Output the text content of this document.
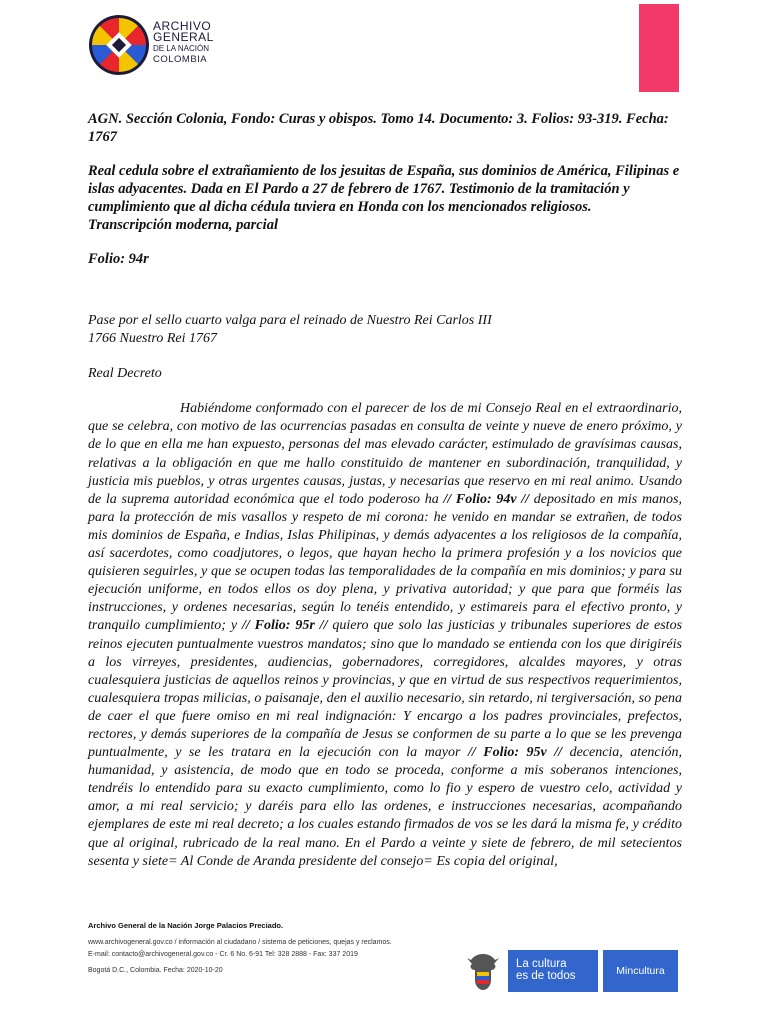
ARCHIVO
GENERAL
DE LA NACIÓN
COLOMBIA

AGN. Sección Colonia, Fondo: Curas y obispos. Tomo 14. Documento: 3. Folios: 93-319. Fecha: 1767

Real cedula sobre el extrañamiento de los jesuitas de España, sus dominios de América, Filipinas e islas adyacentes. Dada en El Pardo a 27 de febrero de 1767. Testimonio de la tramitación y cumplimiento que al dicha cédula tuviera en Honda con los mencionados religiosos.

Transcripción moderna, parcial

Folio: 94r

Pase por el sello cuarto valga para el reinado de Nuestro Rei Carlos III

1766 Nuestro Rei 1767

Real Decreto

Habiéndome conformado con el parecer de los de mi Consejo Real en el extraordinario, que se celebra, con motivo de las ocurrencias pasadas en consulta de veinte y nueve de enero próximo, y de lo que en ella me han expuesto, personas del mas elevado carácter, estimulado de gravísimas causas, relativas a la obligación en que me hallo constituido de mantener en subordinación, tranquilidad, y justicia mis pueblos, y otras urgentes causas, justas, y necesarias que reservo en mi real animo. Usando de la suprema autoridad económica que el todo poderoso ha // Folio: 94v // depositado en mis manos, para la protección de mis vasallos y respeto de mi corona: he venido en mandar se extrañen, de todos mis dominios de España, e Indias, Islas Philipinas, y demás adyacentes a los religiosos de la compañía, así sacerdotes, como coadjutores, o legos, que hayan hecho la primera profesión y a los novicios que quisieren seguirles, y que se ocupen todas las temporalidades de la compañía en mis dominios; y para su ejecución uniforme, en todos ellos os doy plena, y privativa autoridad; y que para que forméis las instrucciones, y ordenes necesarias, según lo tenéis entendido, y estimareis para el efectivo pronto, y tranquilo cumplimiento; y // Folio: 95r // quiero que solo las justicias y tribunales superiores de estos reinos ejecuten puntualmente vuestros mandatos; sino que lo mandado se entienda con los que dirigiréis a los virreyes, presidentes, audiencias, gobernadores, corregidores, alcaldes mayores, y otras cualesquiera justicias de aquellos reinos y provincias, y que en virtud de sus respectivos requerimientos, cualesquiera tropas milicias, o paisanaje, den el auxilio necesario, sin retardo, ni tergiversación, so pena de caer el que fuere omiso en mi real indignación: Y encargo a los padres provinciales, prefectos, rectores, y demás superiores de la compañía de Jesus se conformen de su parte a lo que se les prevenga puntualmente, y se les tratara en la ejecución con la mayor // Folio: 95v // decencia, atención, humanidad, y asistencia, de modo que en todo se proceda, conforme a mis soberanos intenciones, tendréis lo entendido para su exacto cumplimiento, como lo fio y espero de vuestro celo, actividad y amor, a mi real servicio; y daréis para ello las ordenes, e instrucciones necesarias, acompañando ejemplares de este mi real decreto; a los cuales estando firmados de vos se les dará la misma fe, y crédito que al original, rubricado de la real mano. En el Pardo a veinte y siete de febrero, de mil setecientos sesenta y siete= Al Conde de Aranda presidente del consejo= Es copia del original,

Archivo General de la Nación Jorge Palacios Preciado.
www.archivogeneral.gov.co / información al ciudadano / sistema de peticiones, quejas y reclamos.
E-mail: contacto@archivogeneral.gov.co - Cr. 6 No. 6-91 Tel: 328 2888 - Fax: 337 2019
Bogotá D.C., Colombia. Fecha: 2020-10-20
La cultura
es de todos	Mincultura
